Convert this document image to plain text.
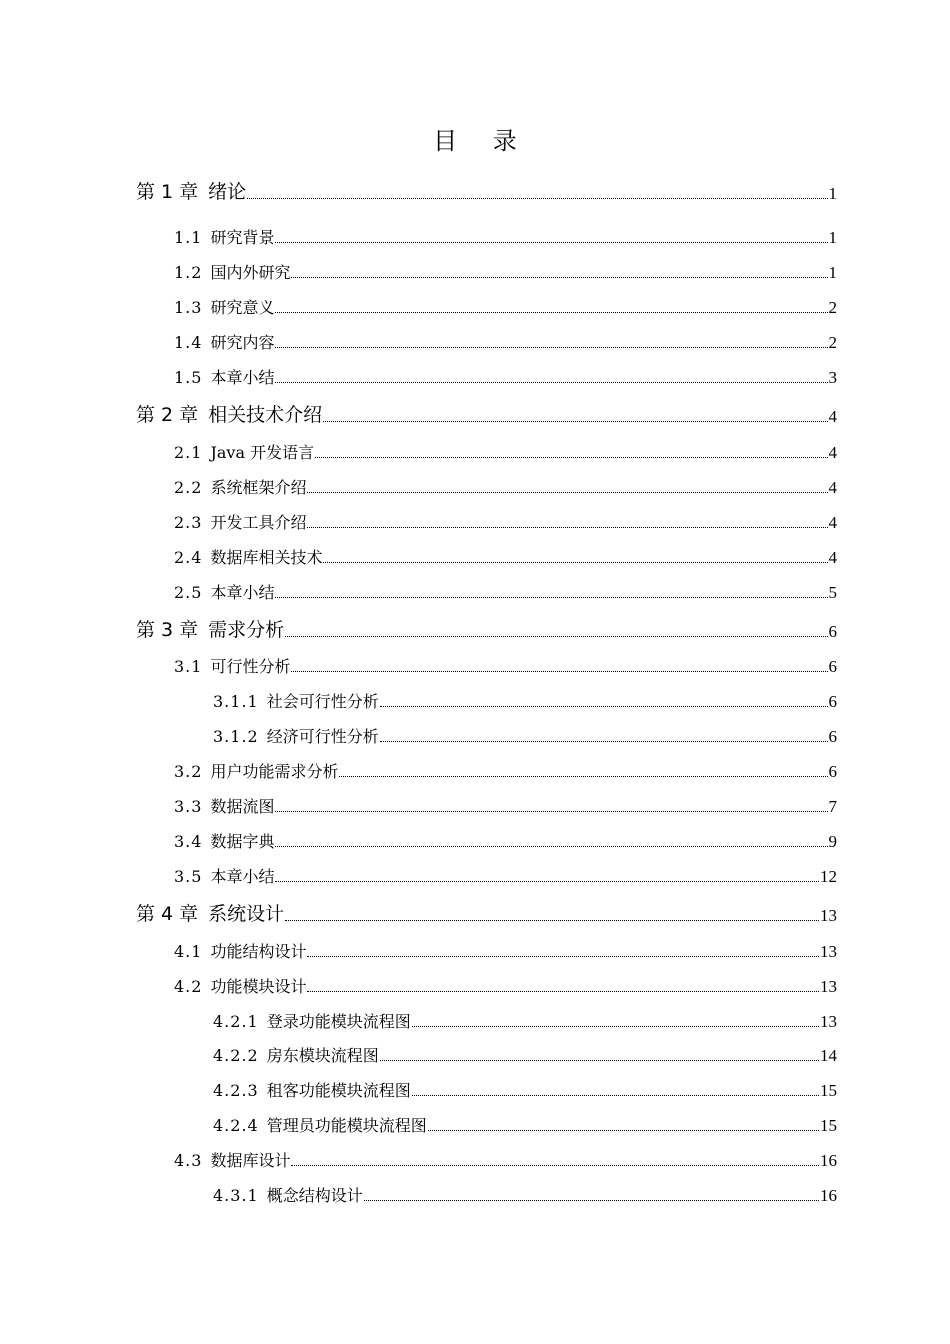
目 录
第 1 章 绪论	1
1.1 研究背景	1
1.2 国内外研究	1
1.3 研究意义	2
1.4 研究内容	2
1.5 本章小结	3
第 2 章 相关技术介绍	4
2.1 Java 开发语言	4
2.2 系统框架介绍	4
2.3 开发工具介绍	4
2.4 数据库相关技术	4
2.5 本章小结	5
第 3 章 需求分析	6
3.1 可行性分析	6
3.1.1 社会可行性分析	6
3.1.2 经济可行性分析	6
3.2 用户功能需求分析	6
3.3 数据流图	7
3.4 数据字典	9
3.5 本章小结	12
第 4 章 系统设计	13
4.1 功能结构设计	13
4.2 功能模块设计	13
4.2.1 登录功能模块流程图	13
4.2.2 房东模块流程图	14
4.2.3 租客功能模块流程图	15
4.2.4 管理员功能模块流程图	15
4.3 数据库设计	16
4.3.1 概念结构设计	16
